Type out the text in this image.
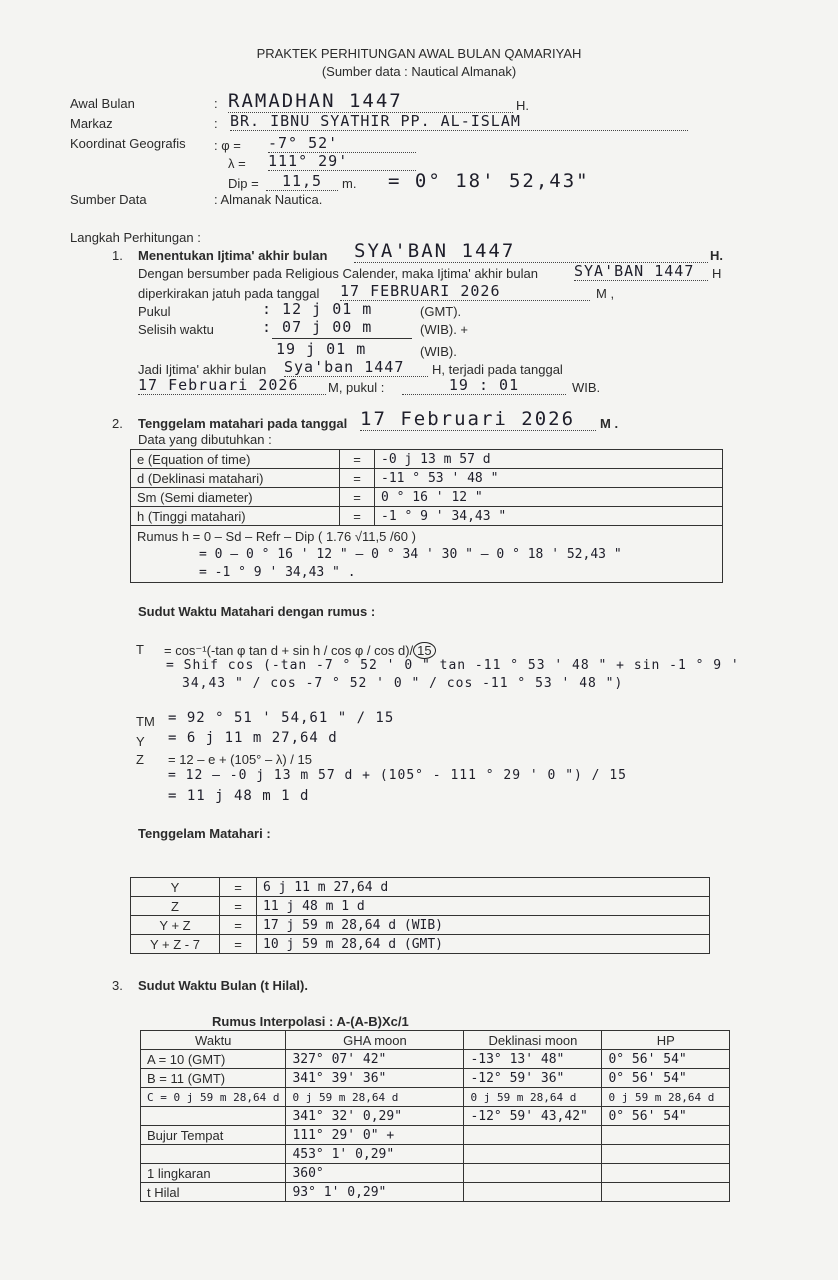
PRAKTEK PERHITUNGAN AWAL BULAN QAMARIYAH
(Sumber data : Nautical Almanak)
Awal Bulan	: RAMADHAN 1447	H.
Markaz	: BR. IBNU SYATHIR PP. AL-ISLAM
Koordinat Geografis : φ = -7° 52'
λ = 111° 29'
Dip =	11,5	m. = 0° 18' 52,43"
Sumber Data	: Almanak Nautica.
Langkah Perhitungan :
1. Menentukan Ijtima' akhir bulan SYA'BAN 1447	H.
Dengan bersumber pada Religious Calender, maka Ijtima' akhir bulan SYA'BAN 1447	H
diperkirakan jatuh pada tanggal 17 FEBRUARI 2026	M ,
Pukul	: 12 j 01 m	(GMT).
Selisih waktu	: 07 j 00 m	(WIB). +
19 j 01 m	(WIB).
Jadi Ijtima' akhir bulan Sya'ban 1447	H, terjadi pada tanggal
17 Februari 2026	M, pukul :	19 : 01	WIB.
2. Tenggelam matahari pada tanggal 17 Februari 2026	M .
Data yang dibutuhkan :
e (Equation of time)	=	-0 j 13 m 57 d
d (Deklinasi matahari)	=	-11 ° 53 ' 48 "
Sm (Semi diameter)	=	0 ° 16 ' 12 "
h (Tinggi matahari)	=	-1 ° 9 ' 34,43 "

Rumus h = 0 – Sd – Refr – Dip ( 1.76 √11,5 /60 )
= 0 – 0 ° 16 ' 12 " – 0 ° 34 ' 30 " – 0 ° 18 ' 52,43 "
= -1 ° 9 ' 34,43 " .		
Sudut Waktu Matahari dengan rumus :
T = cos⁻¹(-tan φ tan d + sin h / cos φ / cos d)/ 15
= Shif cos (-tan -7 ° 52 ' 0 " tan -11 ° 53 ' 48 " + sin -1 ° 9 '
34,43 " / cos -7 ° 52 ' 0 " / cos -11 ° 53 ' 48 ")
TM = 92 ° 51 ' 54,61 " / 15
Y = 6 j 11 m 27,64 d
Z = 12 – e + (105° – λ) / 15
= 12 – -0 j 13 m 57 d + (105° - 111 ° 29 ' 0 ") / 15
= 11 j 48 m 1 d
Tenggelam Matahari :
Y	=	6 j 11 m 27,64 d
Z	=	11 j 48 m 1 d
Y + Z	=	17 j 59 m 28,64 d (WIB)
Y + Z - 7	=	10 j 59 m 28,64 d (GMT)
3. Sudut Waktu Bulan (t Hilal).
Rumus Interpolasi : A-(A-B)Xc/1
Waktu	GHA moon	Deklinasi moon	HP
A = 10 (GMT)	327° 07' 42"	-13° 13' 48"	0° 56' 54"
B = 11 (GMT)	341° 39' 36"	-12° 59' 36"	0° 56' 54"
C = 0 j 59 m 28,64 d	0 j 59 m 28,64 d	0 j 59 m 28,64 d	0 j 59 m 28,64 d
	341° 32' 0,29"	-12° 59' 43,42"	0° 56' 54"
Bujur Tempat	111° 29' 0" +		
	453° 1' 0,29"		
1 lingkaran	360°		
t Hilal	93° 1' 0,29"		
